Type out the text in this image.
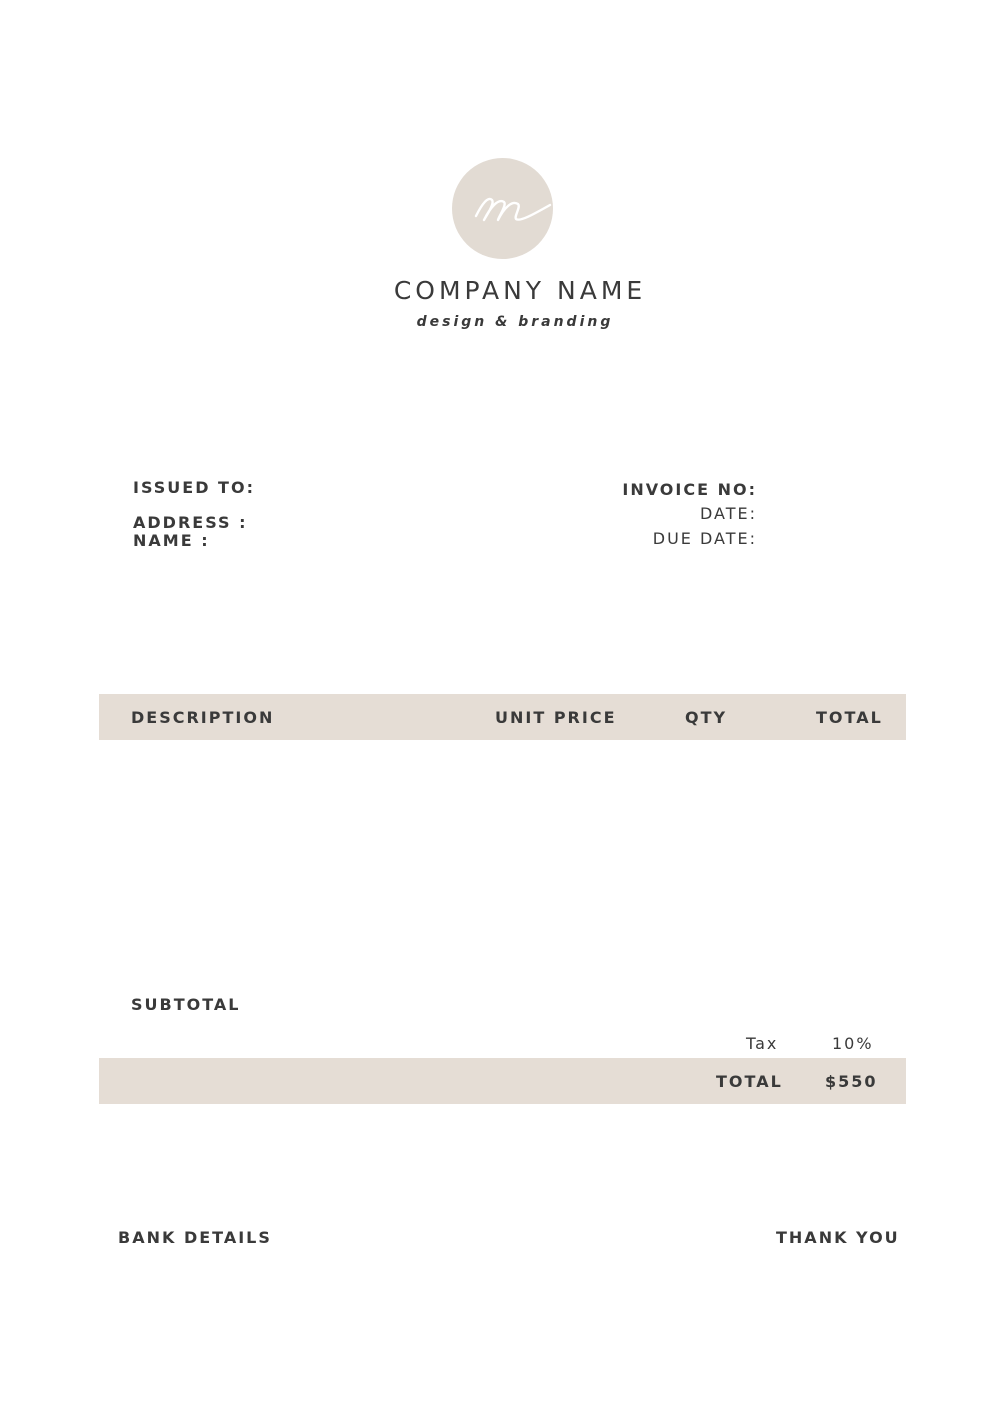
COMPANY NAME
design & branding
ISSUED TO:
ADDRESS :
NAME :
INVOICE NO:
DATE:
DUE DATE:
DESCRIPTION	UNIT PRICE	QTY	TOTAL
SUBTOTAL
Tax	10%
TOTAL	$550
BANK DETAILS	THANK YOU
